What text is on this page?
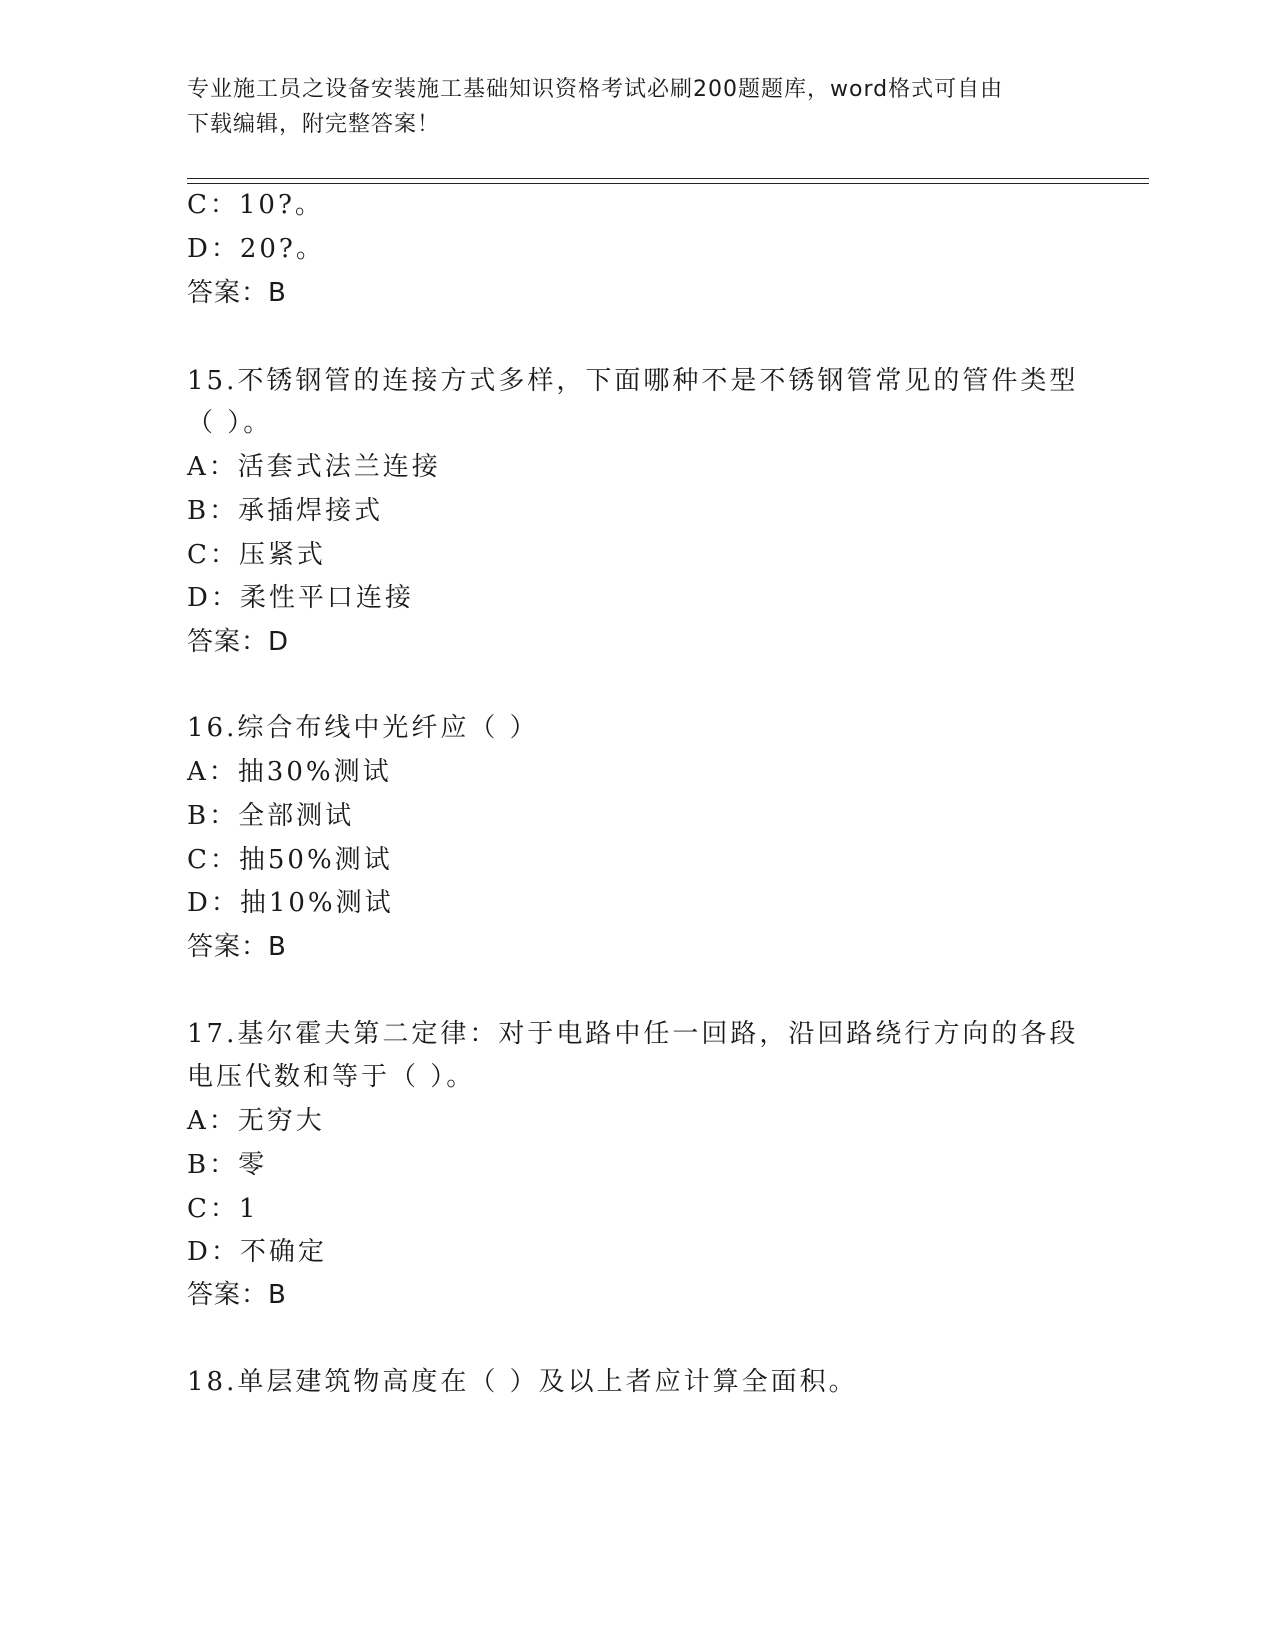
专业施工员之设备安装施工基础知识资格考试必刷200题题库，word格式可自由
下载编辑，附完整答案！
C：10?。
D：20?。
答案：B
15.不锈钢管的连接方式多样，下面哪种不是不锈钢管常见的管件类型
（ ）。
A：活套式法兰连接
B：承插焊接式
C：压紧式
D：柔性平口连接
答案：D
16.综合布线中光纤应（ ）
A：抽30%测试
B：全部测试
C：抽50%测试
D：抽10%测试
答案：B
17.基尔霍夫第二定律：对于电路中任一回路，沿回路绕行方向的各段
电压代数和等于（ ）。
A：无穷大
B：零
C：1
D：不确定
答案：B
18.单层建筑物高度在（ ）及以上者应计算全面积。
